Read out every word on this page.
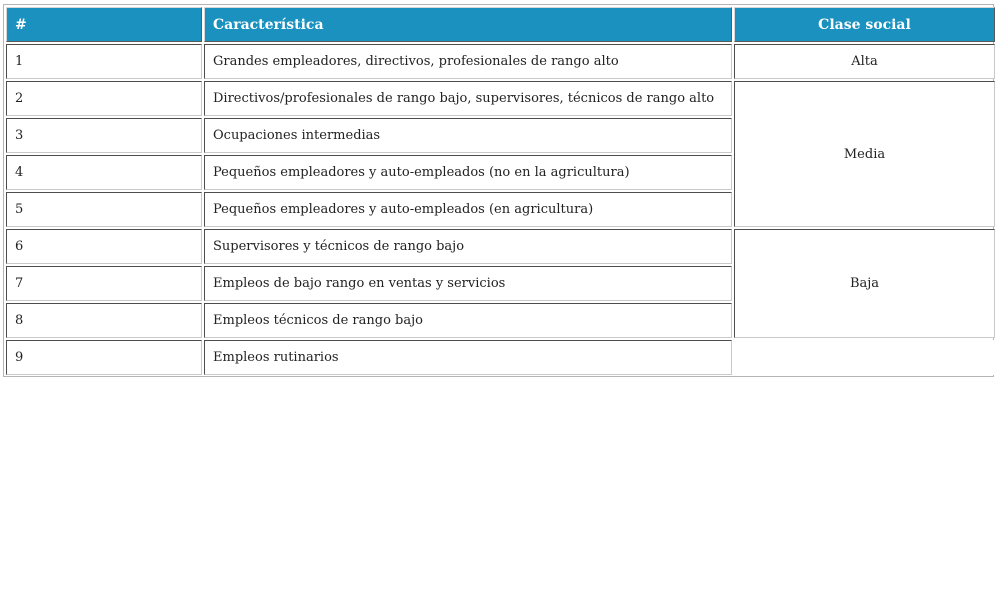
#	Característica	Clase social
1	Grandes empleadores, directivos, profesionales de rango alto	Alta
2	Directivos/profesionales de rango bajo, supervisores, técnicos de rango alto	Media
3	Ocupaciones intermedias	
4	Pequeños empleadores y auto-empleados (no en la agricultura)	
5	Pequeños empleadores y auto-empleados (en agricultura)	
6	Supervisores y técnicos de rango bajo	Baja
7	Empleos de bajo rango en ventas y servicios	
8	Empleos técnicos de rango bajo	
9	Empleos rutinarios	
